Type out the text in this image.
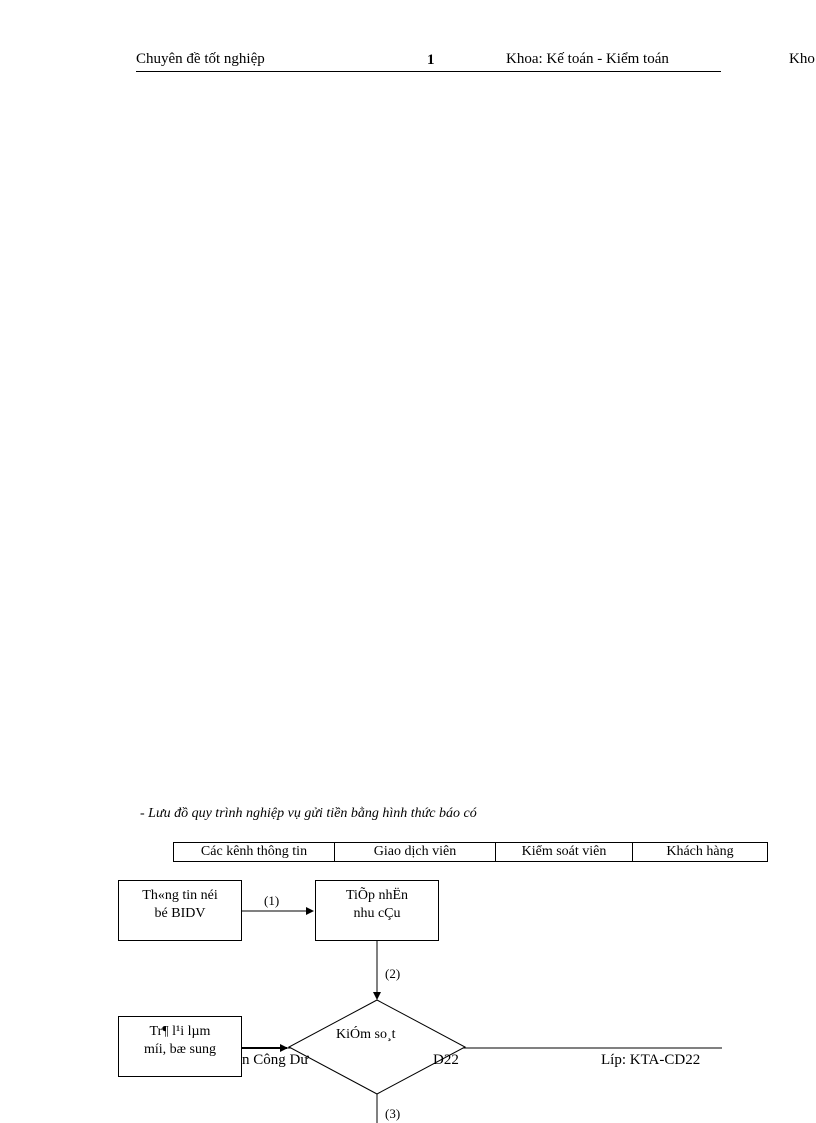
Chuyên đề tốt nghiệp	1	Khoa: Kế toán - Kiểm toán	Kho
- Lưu đồ quy trình nghiệp vụ gửi tiền bằng hình thức báo có
Các kênh thông tin	Giao dịch viên	Kiểm soát viên	Khách hàng
n Công Dư	D22	Líp: KTA-CD22
Th«ng tin néi
bé BIDV
TiÕp nhËn
nhu cÇu
Tr¶ l¹i lµm
míi, bæ sung
KiÓm so¸t
(1)
(2)
(3)
